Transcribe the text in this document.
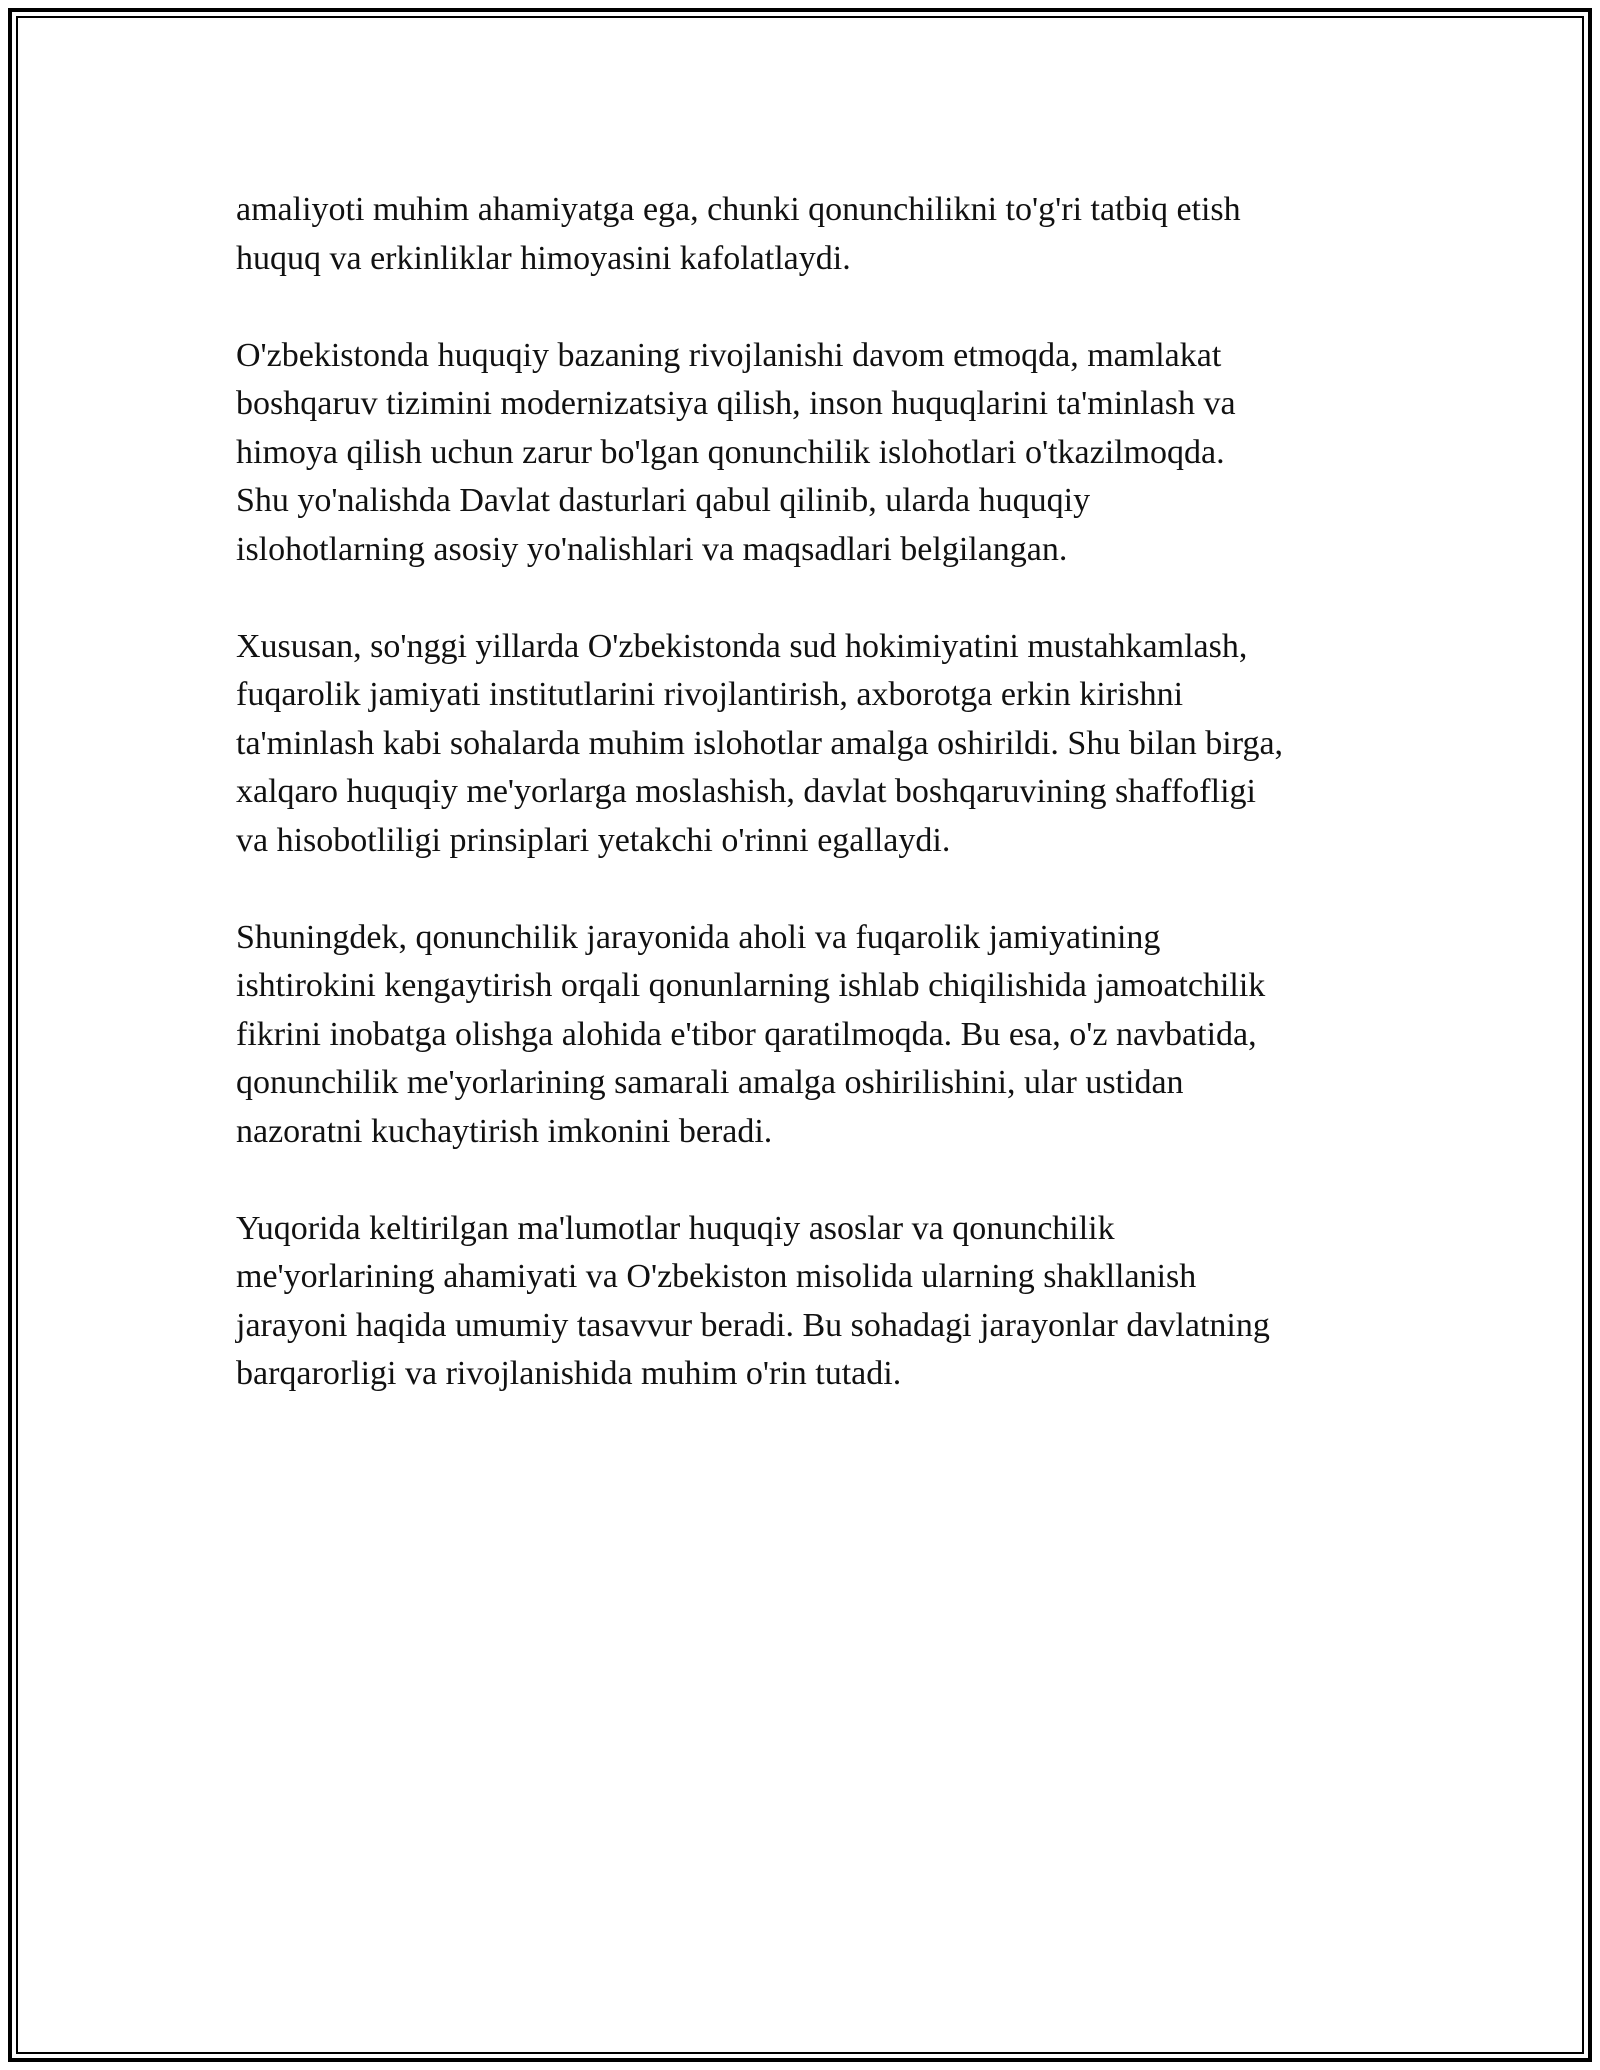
amaliyoti muhim ahamiyatga ega, chunki qonunchilikni to'g'ri tatbiq etish
huquq va erkinliklar himoyasini kafolatlaydi.

O'zbekistonda huquqiy bazaning rivojlanishi davom etmoqda, mamlakat
boshqaruv tizimini modernizatsiya qilish, inson huquqlarini ta'minlash va
himoya qilish uchun zarur bo'lgan qonunchilik islohotlari o'tkazilmoqda.
Shu yo'nalishda Davlat dasturlari qabul qilinib, ularda huquqiy
islohotlarning asosiy yo'nalishlari va maqsadlari belgilangan.

Xususan, so'nggi yillarda O'zbekistonda sud hokimiyatini mustahkamlash,
fuqarolik jamiyati institutlarini rivojlantirish, axborotga erkin kirishni
ta'minlash kabi sohalarda muhim islohotlar amalga oshirildi. Shu bilan birga,
xalqaro huquqiy me'yorlarga moslashish, davlat boshqaruvining shaffofligi
va hisobotliligi prinsiplari yetakchi o'rinni egallaydi.

Shuningdek, qonunchilik jarayonida aholi va fuqarolik jamiyatining
ishtirokini kengaytirish orqali qonunlarning ishlab chiqilishida jamoatchilik
fikrini inobatga olishga alohida e'tibor qaratilmoqda. Bu esa, o'z navbatida,
qonunchilik me'yorlarining samarali amalga oshirilishini, ular ustidan
nazoratni kuchaytirish imkonini beradi.

Yuqorida keltirilgan ma'lumotlar huquqiy asoslar va qonunchilik
me'yorlarining ahamiyati va O'zbekiston misolida ularning shakllanish
jarayoni haqida umumiy tasavvur beradi. Bu sohadagi jarayonlar davlatning
barqarorligi va rivojlanishida muhim o'rin tutadi.
